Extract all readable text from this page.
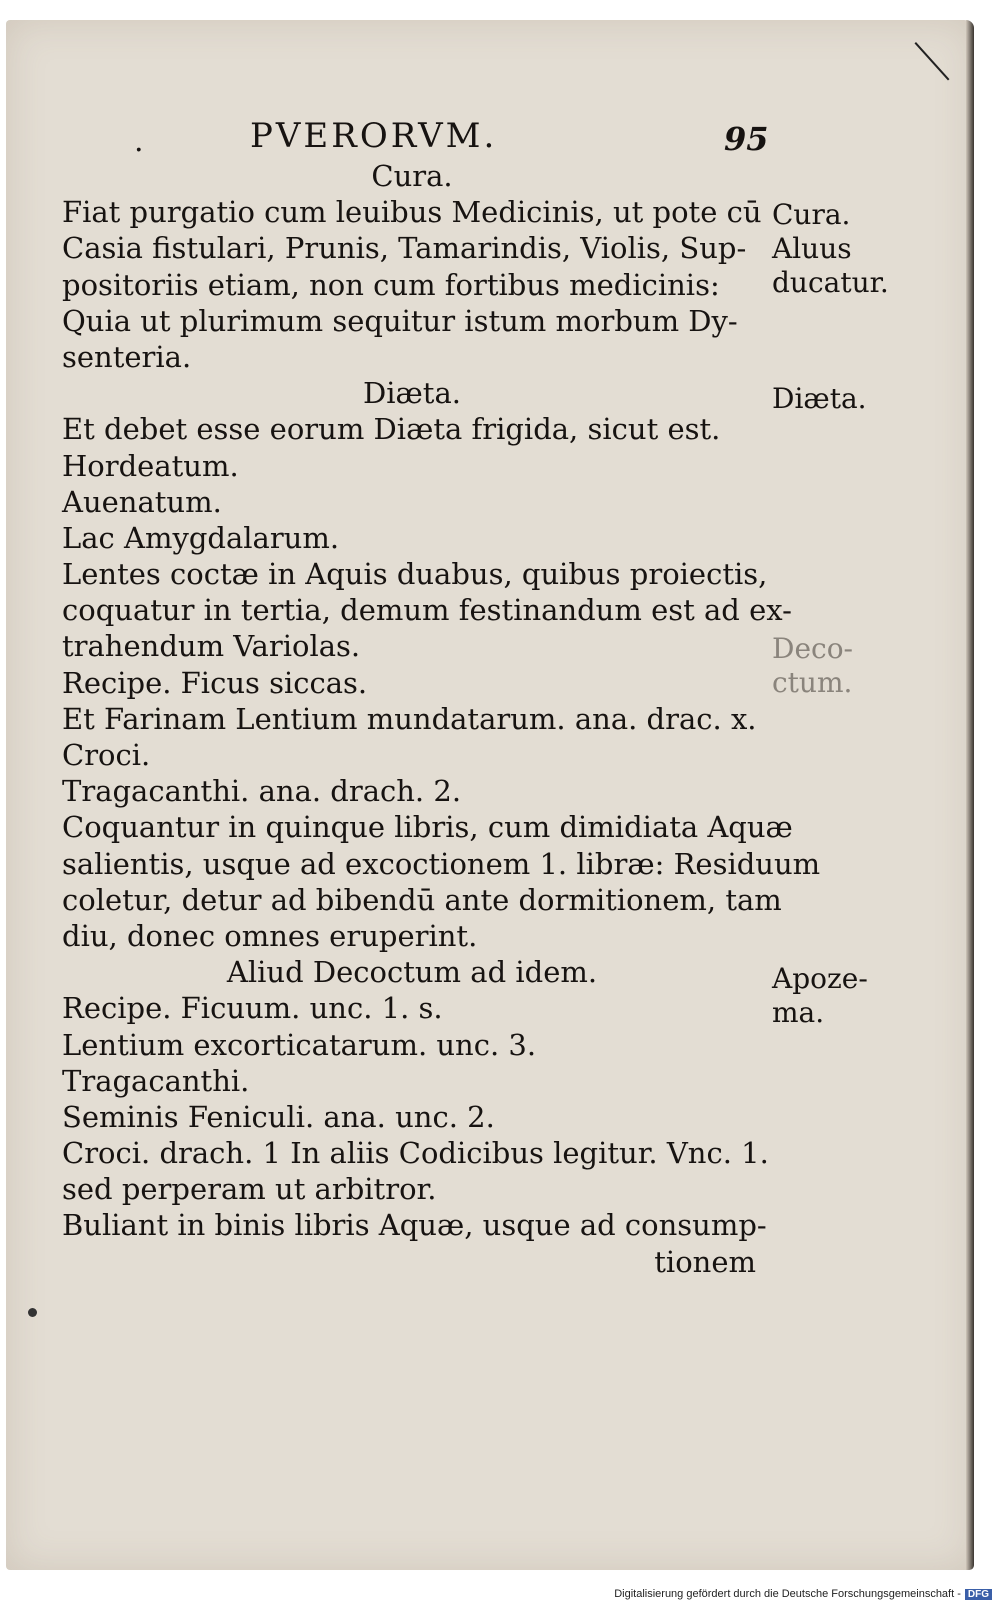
.	PVERORVM.	95
Cura.
Fiat purgatio cum leuibus Medicinis, ut pote cū
Casia fistulari, Prunis, Tamarindis, Violis, Sup-
positoriis etiam, non cum fortibus medicinis:
Quia ut plurimum sequitur istum morbum Dy-
senteria.
Diæta.
Et debet esse eorum Diæta frigida, sicut est.
Hordeatum.
Auenatum.
Lac Amygdalarum.
Lentes coctæ in Aquis duabus, quibus proiectis,
coquatur in tertia, demum festinandum est ad ex-
trahendum Variolas.
Recipe. Ficus siccas.
Et Farinam Lentium mundatarum. ana. drac. x.
Croci.
Tragacanthi. ana. drach. 2.
Coquantur in quinque libris, cum dimidiata Aquæ
salientis, usque ad excoctionem 1. libræ: Residuum
coletur, detur ad bibendū ante dormitionem, tam
diu, donec omnes eruperint.
Aliud Decoctum ad idem.
Recipe. Ficuum. unc. 1. s.
Lentium excorticatarum. unc. 3.
Tragacanthi.
Seminis Feniculi. ana. unc. 2.
Croci. drach. 1 In aliis Codicibus legitur. Vnc. 1.
sed perperam ut arbitror.
Buliant in binis libris Aquæ, usque ad consump-
tionem
Cura.
Aluus
ducatur.
Diæta.
Deco-
ctum.
Apoze-
ma.
Digitalisierung gefördert durch die Deutsche Forschungsgemeinschaft - DFG
